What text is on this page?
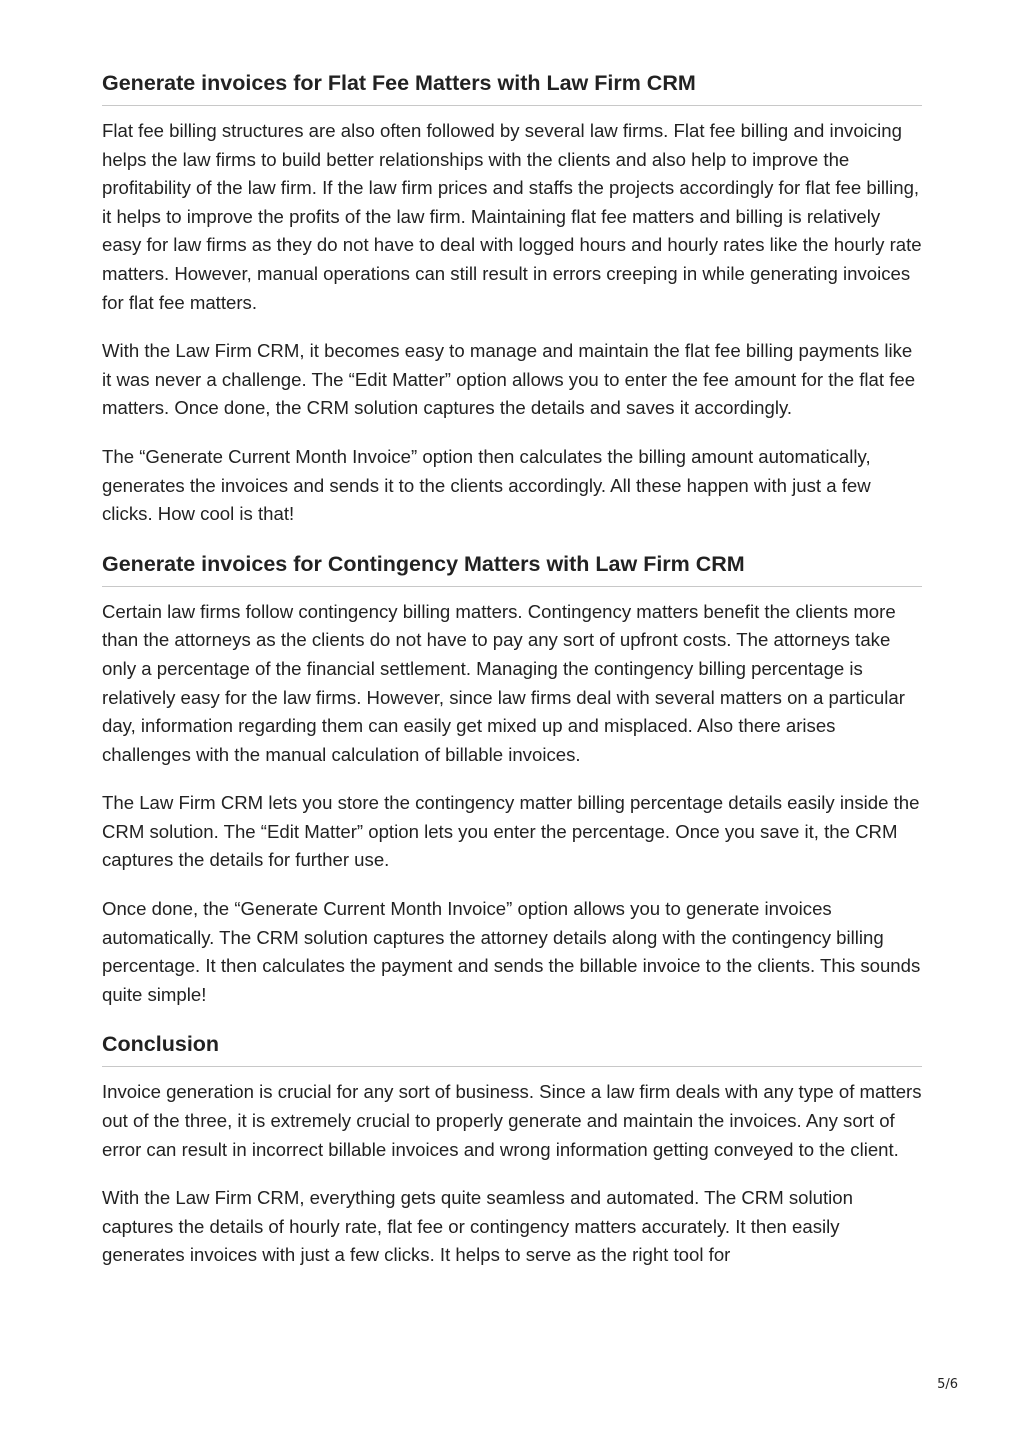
Generate invoices for Flat Fee Matters with Law Firm CRM

Flat fee billing structures are also often followed by several law firms. Flat fee billing and invoicing helps the law firms to build better relationships with the clients and also help to improve the profitability of the law firm. If the law firm prices and staffs the projects accordingly for flat fee billing, it helps to improve the profits of the law firm. Maintaining flat fee matters and billing is relatively easy for law firms as they do not have to deal with logged hours and hourly rates like the hourly rate matters. However, manual operations can still result in errors creeping in while generating invoices for flat fee matters.

With the Law Firm CRM, it becomes easy to manage and maintain the flat fee billing payments like it was never a challenge. The “Edit Matter” option allows you to enter the fee amount for the flat fee matters. Once done, the CRM solution captures the details and saves it accordingly.

The “Generate Current Month Invoice” option then calculates the billing amount automatically, generates the invoices and sends it to the clients accordingly. All these happen with just a few clicks. How cool is that!

Generate invoices for Contingency Matters with Law Firm CRM

Certain law firms follow contingency billing matters. Contingency matters benefit the clients more than the attorneys as the clients do not have to pay any sort of upfront costs. The attorneys take only a percentage of the financial settlement. Managing the contingency billing percentage is relatively easy for the law firms. However, since law firms deal with several matters on a particular day, information regarding them can easily get mixed up and misplaced. Also there arises challenges with the manual calculation of billable invoices.

The Law Firm CRM lets you store the contingency matter billing percentage details easily inside the CRM solution. The “Edit Matter” option lets you enter the percentage. Once you save it, the CRM captures the details for further use.

Once done, the “Generate Current Month Invoice” option allows you to generate invoices automatically. The CRM solution captures the attorney details along with the contingency billing percentage. It then calculates the payment and sends the billable invoice to the clients. This sounds quite simple!

Conclusion

Invoice generation is crucial for any sort of business. Since a law firm deals with any type of matters out of the three, it is extremely crucial to properly generate and maintain the invoices. Any sort of error can result in incorrect billable invoices and wrong information getting conveyed to the client.

With the Law Firm CRM, everything gets quite seamless and automated. The CRM solution captures the details of hourly rate, flat fee or contingency matters accurately. It then easily generates invoices with just a few clicks. It helps to serve as the right tool for

5/6
